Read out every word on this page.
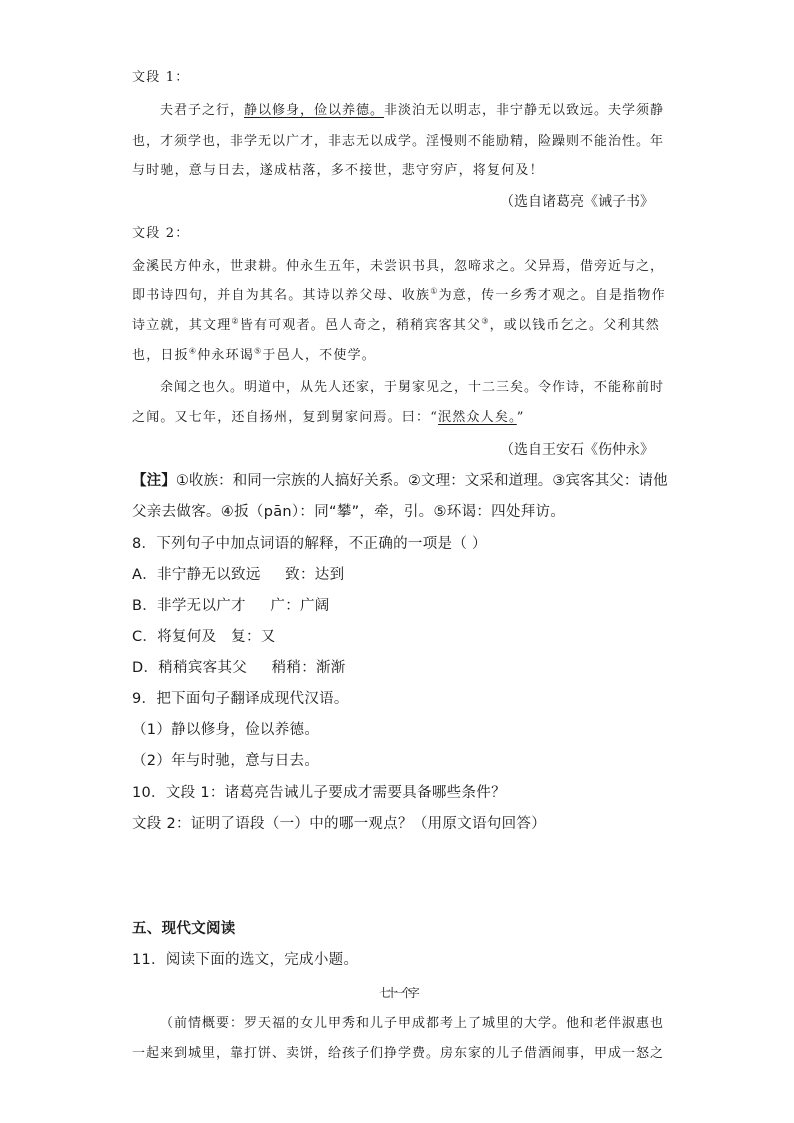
文段 1：
夫君子之行，静以修身，俭以养德。非淡泊无以明志，非宁静无以致远。夫学须静
也，才须学也，非学无以广才，非志无以成学。淫慢则不能励精，险躁则不能治性。年
与时驰，意与日去，遂成枯落，多不接世，悲守穷庐，将复何及！
（选自诸葛亮《诫子书》
文段 2：
金溪民方仲永，世隶耕。仲永生五年，未尝识书具，忽啼求之。父异焉，借旁近与之，
即书诗四句，并自为其名。其诗以养父母、收族①为意，传一乡秀才观之。自是指物作
诗立就，其文理②皆有可观者。邑人奇之，稍稍宾客其父③，或以钱币乞之。父利其然
也，日扳④仲永环谒⑤于邑人，不使学。
余闻之也久。明道中，从先人还家，于舅家见之，十二三矣。令作诗，不能称前时
之闻。又七年，还自扬州，复到舅家问焉。曰：“泯然众人矣。”
（选自王安石《伤仲永》
【注】①收族：和同一宗族的人搞好关系。②文理：文采和道理。③宾客其父：请他
父亲去做客。④扳（pān）：同“攀”，牵，引。⑤环谒：四处拜访。
8．下列句子中加点词语的解释，不正确的一项是（ ）
A．非宁静无以致远     致：达到
B．非学无以广才     广：广阔
C．将复何及   复：又
D．稍稍宾客其父     稍稍：渐渐
9．把下面句子翻译成现代汉语。
（1）静以修身，俭以养德。
（2）年与时驰，意与日去。
10．文段 1：诸葛亮告诫儿子要成才需要具备哪些条件？
文段 2：证明了语段（一）中的哪一观点？（用原文语句回答）
五、现代文阅读
11．阅读下面的选文，完成小题。
七十一个字
（前情概要：罗天福的女儿甲秀和儿子甲成都考上了城里的大学。他和老伴淑惠也
一起来到城里，靠打饼、卖饼，给孩子们挣学费。房东家的儿子借酒闹事，甲成一怒之
